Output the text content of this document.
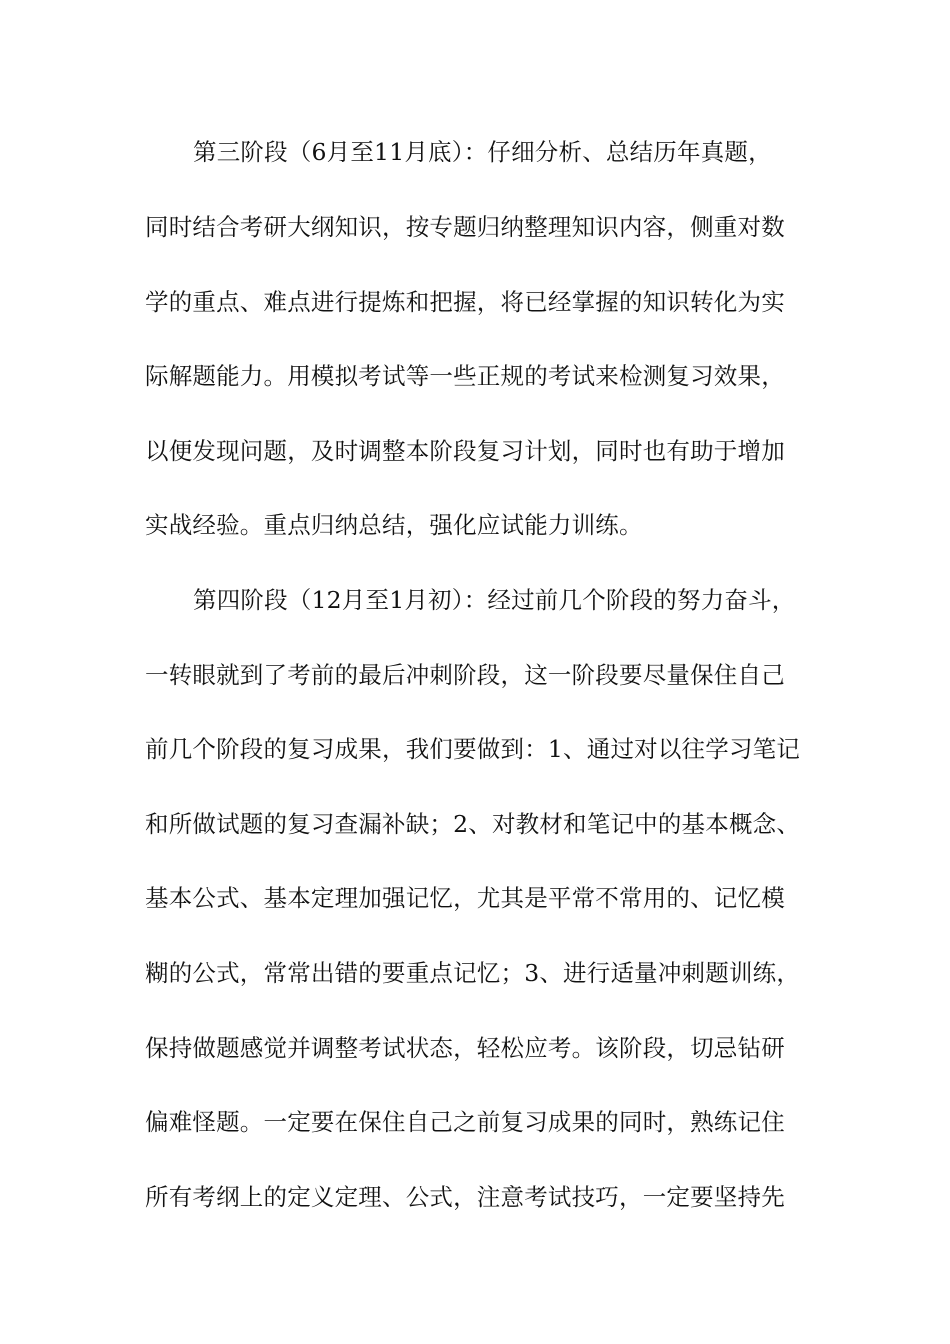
第三阶段（6月至11月底）：仔细分析、总结历年真题，
同时结合考研大纲知识，按专题归纳整理知识内容，侧重对数
学的重点、难点进行提炼和把握，将已经掌握的知识转化为实
际解题能力。用模拟考试等一些正规的考试来检测复习效果，
以便发现问题，及时调整本阶段复习计划，同时也有助于增加
实战经验。重点归纳总结，强化应试能力训练。
第四阶段（12月至1月初）：经过前几个阶段的努力奋斗，
一转眼就到了考前的最后冲刺阶段，这一阶段要尽量保住自己
前几个阶段的复习成果，我们要做到：1、通过对以往学习笔记
和所做试题的复习查漏补缺；2、对教材和笔记中的基本概念、
基本公式、基本定理加强记忆，尤其是平常不常用的、记忆模
糊的公式，常常出错的要重点记忆；3、进行适量冲刺题训练，
保持做题感觉并调整考试状态，轻松应考。该阶段，切忌钻研
偏难怪题。一定要在保住自己之前复习成果的同时，熟练记住
所有考纲上的定义定理、公式，注意考试技巧，一定要坚持先
